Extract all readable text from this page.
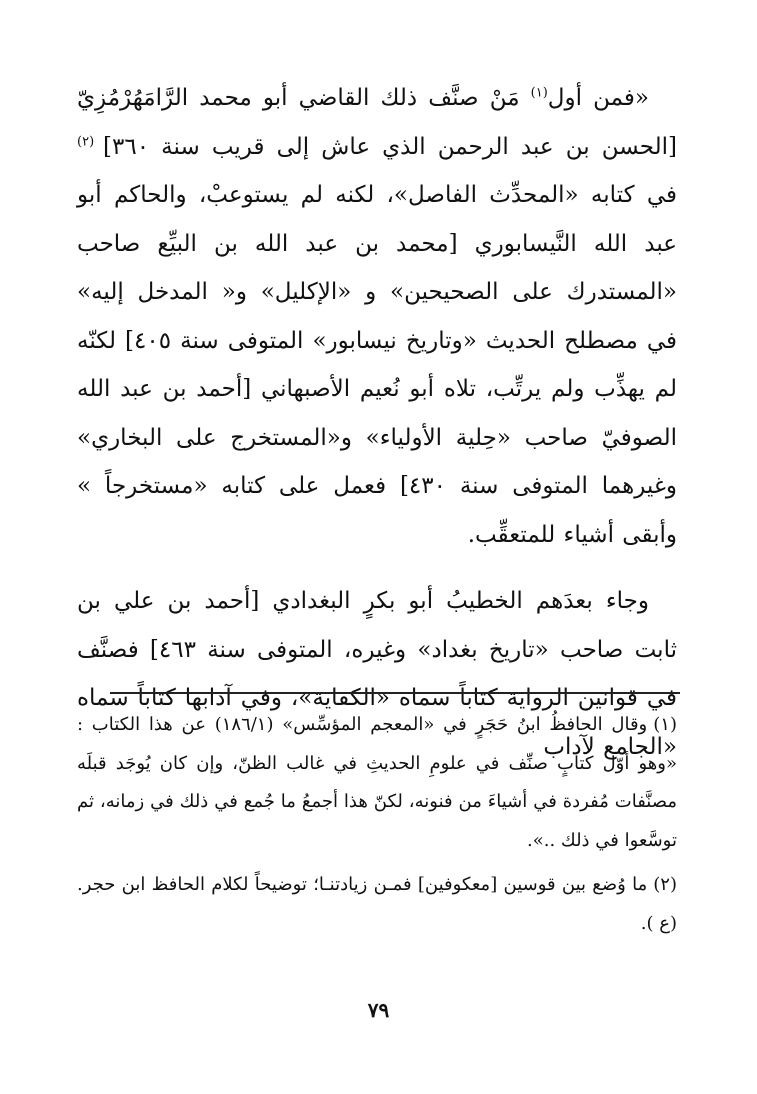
«فمن أول$^{(١)}$ مَنْ صنَّف ذلك القاضي أبو محمد الرَّامَهُرْمُزِيّ [الحسن بن عبد الرحمن الذي عاش إلى قريب سنة ٣٦٠] $^{(٢)}$ في كتابه «المحدِّث الفاصل»، لكنه لم يستوعبْ، والحاكم أبو عبد الله النَّيسابوري [محمد بن عبد الله بن البيِّع صاحب «المستدرك على الصحيحين» و «الإكليل» و« المدخل إليه» في مصطلح الحديث «وتاريخ نيسابور» المتوفى سنة ٤٠٥] لكنّه لم يهذِّب ولم يرتِّب، تلاه أبو نُعيم الأصبهاني [أحمد بن عبد الله الصوفيّ صاحب «حِلية الأولياء» و«المستخرج على البخاري» وغيرهما المتوفى سنة ٤٣٠] فعمل على كتابه «مستخرجاً » وأبقى أشياء للمتعقِّب.

وجاء بعدَهم الخطيبُ أبو بكرٍ البغدادي [أحمد بن علي بن ثابت صاحب «تاريخ بغداد» وغيره، المتوفى سنة ٤٦٣] فصنَّف في قوانين الرواية كتاباً سماه «الكفاية»، وفي آدابها كتاباً سماه «الجامع لآداب

(١)وقال الحافظُ ابنُ حَجَرٍ في «المعجم المؤسِّس» (١٨٦/١) عن هذا الكتاب : «وهو أوّل كتابٍ صنِّف في علومِ الحديثِ في غالب الظنّ، وإن كان يُوجَد قبلَه مصنَّفات مُفردة في أشياءَ من فنونه، لكنّ هذا أجمعُ ما جُمع في ذلك في زمانه، ثم توسَّعوا في ذلك ..».

(٢)ما وُضع بين قوسين [معكوفين] فمـن زيادتنـا؛ توضيحاً لكلام الحافظ ابن حجر. (ع ).

٧٩
